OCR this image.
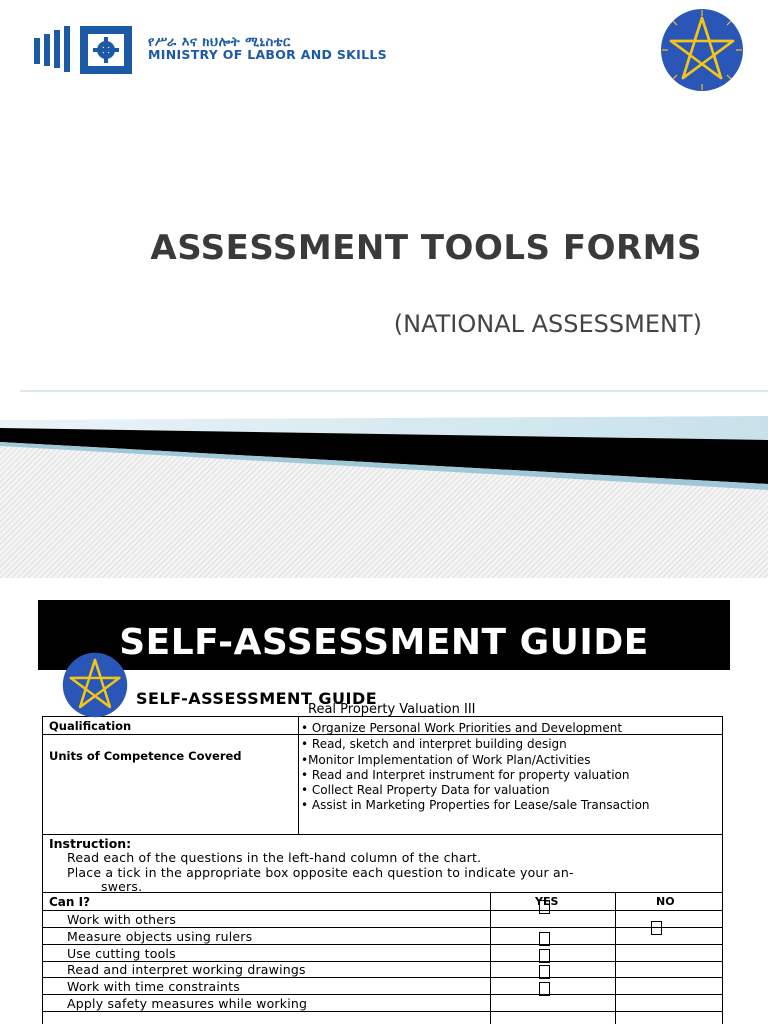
የሥራ እና ክህሎት ሚኒስቴር
MINISTRY OF LABOR AND SKILLS
ASSESSMENT TOOLS FORMS
(NATIONAL ASSESSMENT)
SELF-ASSESSMENT GUIDE
SELF-ASSESSMENT GUIDE
Real Property Valuation III
Qualification
Units of Competence Covered
• Organize Personal Work Priorities and Development
• Read, sketch and interpret building design
•Monitor Implementation of Work Plan/Activities
• Read and Interpret instrument for property valuation
• Collect Real Property Data for valuation
• Assist in Marketing Properties for Lease/sale Transaction
Instruction:
Read each of the questions in the left-hand column of the chart.
Place a tick in the appropriate box opposite each question to indicate your an-
swers.
Can I?	YES	NO
Work with others
Measure objects using rulers
Use cutting tools
Read and interpret working drawings
Work with time constraints
Apply safety measures while working
